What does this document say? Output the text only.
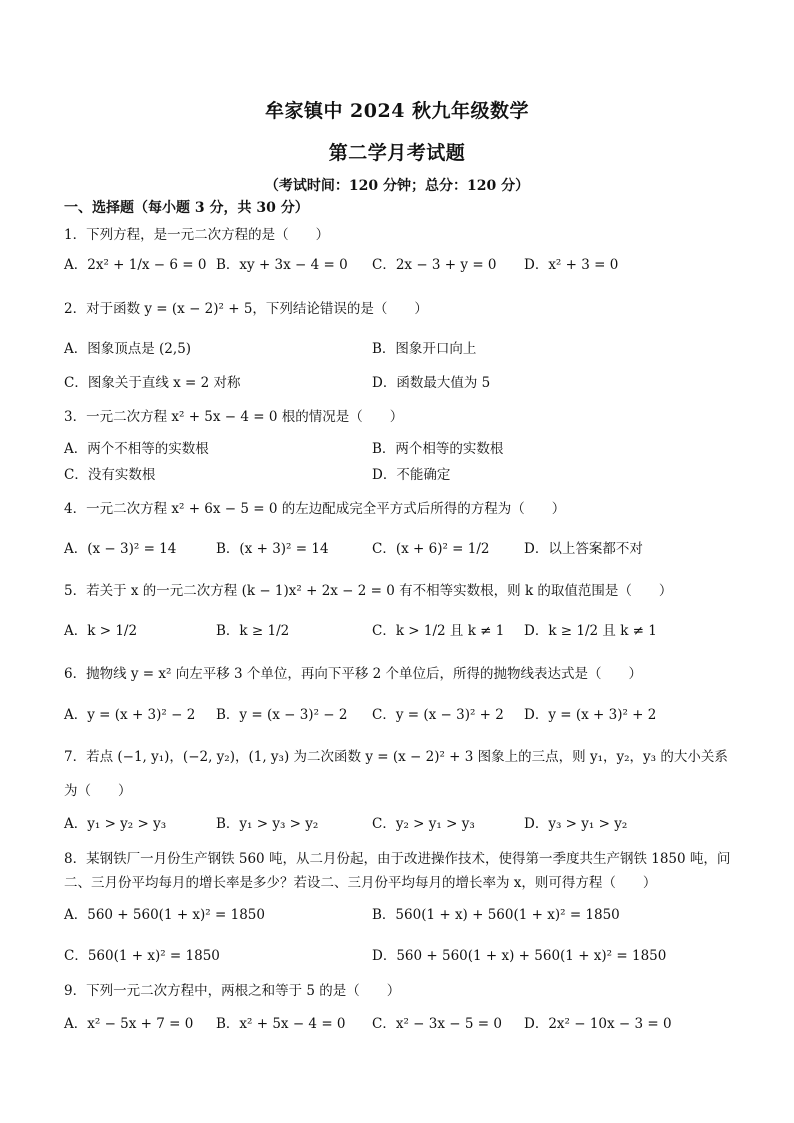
牟家镇中 2024 秋九年级数学
第二学月考试题
（考试时间：120 分钟；总分：120 分）
一、选择题（每小题 3 分，共 30 分）
1．下列方程，是一元二次方程的是（　　）
A．2x² + 1/x − 6 = 0 B．xy + 3x − 4 = 0 C．2x − 3 + y = 0 D．x² + 3 = 0
2．对于函数 y = (x − 2)² + 5，下列结论错误的是（　　）
A．图象顶点是 (2,5)	B．图象开口向上
C．图象关于直线 x = 2 对称	D．函数最大值为 5
3．一元二次方程 x² + 5x − 4 = 0 根的情况是（　　）
A．两个不相等的实数根	B．两个相等的实数根
C．没有实数根	D．不能确定
4．一元二次方程 x² + 6x − 5 = 0 的左边配成完全平方式后所得的方程为（　　）
A．(x − 3)² = 14	B．(x + 3)² = 14	C．(x + 6)² = 1/2	D．以上答案都不对
5．若关于 x 的一元二次方程 (k − 1)x² + 2x − 2 = 0 有不相等实数根，则 k 的取值范围是（　　）
A．k > 1/2	B．k ≥ 1/2	C．k > 1/2 且 k ≠ 1 D．k ≥ 1/2 且 k ≠ 1
6．抛物线 y = x² 向左平移 3 个单位，再向下平移 2 个单位后，所得的抛物线表达式是（　　）
A．y = (x + 3)² − 2 B．y = (x − 3)² − 2 C．y = (x − 3)² + 2 D．y = (x + 3)² + 2
7．若点 (−1, y₁)，(−2, y₂)，(1, y₃) 为二次函数 y = (x − 2)² + 3 图象上的三点，则 y₁，y₂，y₃ 的大小关系
为（　　）
A．y₁ > y₂ > y₃	B．y₁ > y₃ > y₂	C．y₂ > y₁ > y₃	D．y₃ > y₁ > y₂
8．某钢铁厂一月份生产钢铁 560 吨，从二月份起，由于改进操作技术，使得第一季度共生产钢铁 1850 吨，问
二、三月份平均每月的增长率是多少？若设二、三月份平均每月的增长率为 x，则可得方程（　　）
A．560 + 560(1 + x)² = 1850	B．560(1 + x) + 560(1 + x)² = 1850
C．560(1 + x)² = 1850	D．560 + 560(1 + x) + 560(1 + x)² = 1850
9．下列一元二次方程中，两根之和等于 5 的是（　　）
A．x² − 5x + 7 = 0 B．x² + 5x − 4 = 0 C．x² − 3x − 5 = 0 D．2x² − 10x − 3 = 0
